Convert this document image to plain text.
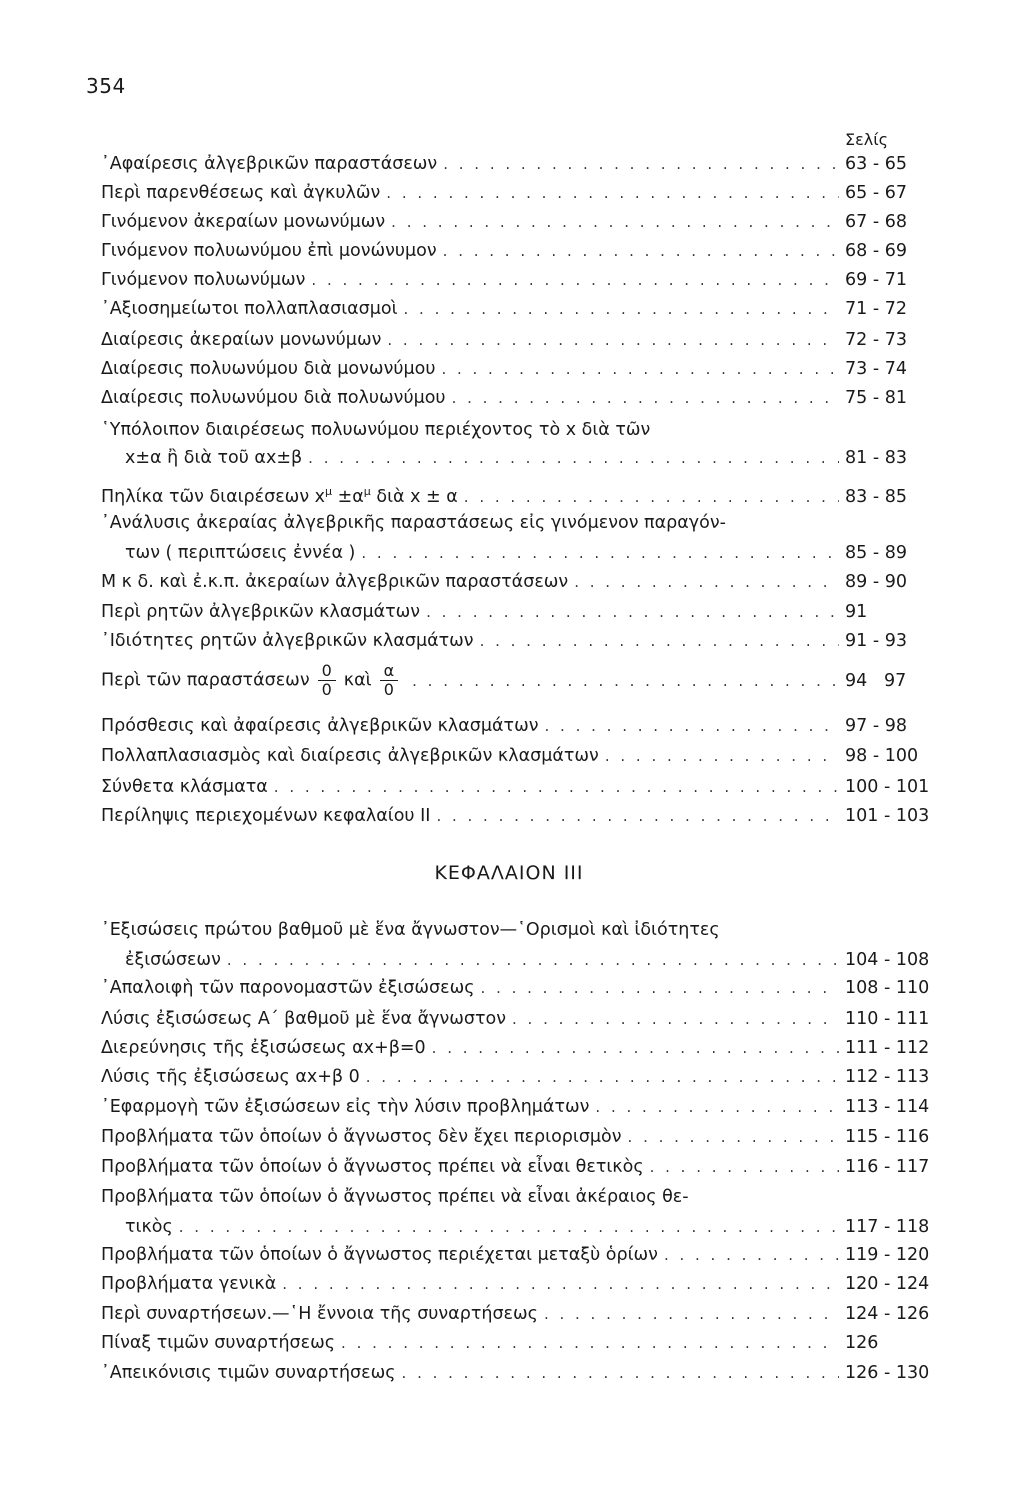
354
Σελίς
᾿Αφαίρεσις ἀλγεβρικῶν παραστάσεων . . .	63 - 65
Περὶ παρενθέσεως καὶ ἀγκυλῶν . . .	65 - 67
Γινόμενον ἀκεραίων μονωνύμων . . .	67 - 68
Γινόμενον πολυωνύμου ἐπὶ μονώνυμον . . .	68 - 69
Γινόμενον πολυωνύμων . . .	69 - 71
᾿Αξιοσημείωτοι πολλαπλασιασμοὶ . . .	71 - 72
Διαίρεσις ἀκεραίων μονωνύμων . . .	72 - 73
Διαίρεσις πολυωνύμου διὰ μονωνύμου . . .	73 - 74
Διαίρεσις πολυωνύμου διὰ πολυωνύμου . . .	75 - 81
῾Υπόλοιπον διαιρέσεως πολυωνύμου περιέχοντος τὸ x διὰ τῶν
x±α ἢ διὰ τοῦ αx±β . . .	81 - 83
Πηλίκα τῶν διαιρέσεων $x^\mu \pm\alpha^\mu$ διὰ x ± α . . .	83 - 85
᾿Ανάλυσις ἀκεραίας ἀλγεβρικῆς παραστάσεως εἰς γινόμενον παραγόν-
των ( περιπτώσεις ἐννέα ) . . .	85 - 89
Μ κ δ. καὶ ἐ.κ.π. ἀκεραίων ἀλγεβρικῶν παραστάσεων . . .	89 - 90
Περὶ ρητῶν ἀλγεβρικῶν κλασμάτων . . .	91
᾿Ιδιότητες ρητῶν ἀλγεβρικῶν κλασμάτων . . .	91 - 93
Περὶ τῶν παραστάσεων $\frac{0}{0}$ καὶ $\frac{\alpha}{0}$ . . .	94   97
Πρόσθεσις καὶ ἀφαίρεσις ἀλγεβρικῶν κλασμάτων . . .	97 - 98
Πολλαπλασιασμὸς καὶ διαίρεσις ἀλγεβρικῶν κλασμάτων . . .	98 - 100
Σύνθετα κλάσματα . . .	100 - 101
Περίληψις περιεχομένων κεφαλαίου ΙΙ . . .	101 - 103
ΚΕΦΑΛΑΙΟΝ ΙΙΙ
᾿Εξισώσεις πρώτου βαθμοῦ μὲ ἕνα ἄγνωστον—῾Ορισμοὶ καὶ ἰδιότητες
ἐξισώσεων . . .	104 - 108
᾿Απαλοιφὴ τῶν παρονομαστῶν ἐξισώσεως . . .	108 - 110
Λύσις ἐξισώσεως Α΄ βαθμοῦ μὲ ἕνα ἄγνωστον . . .	110 - 111
Διερεύνησις τῆς ἐξισώσεως αx+β=0 . . .	111 - 112
Λύσις τῆς ἐξισώσεως αx+β 0 . . .	112 - 113
᾿Εφαρμογὴ τῶν ἐξισώσεων εἰς τὴν λύσιν προβλημάτων . . .	113 - 114
Προβλήματα τῶν ὁποίων ὁ ἄγνωστος δὲν ἔχει περιορισμὸν . . .	115 - 116
Προβλήματα τῶν ὁποίων ὁ ἄγνωστος πρέπει νὰ εἶναι θετικὸς . . .	116 - 117
Προβλήματα τῶν ὁποίων ὁ ἄγνωστος πρέπει νὰ εἶναι ἀκέραιος θε-
τικὸς . . .	117 - 118
Προβλήματα τῶν ὁποίων ὁ ἄγνωστος περιέχεται μεταξὺ ὁρίων . . .	119 - 120
Προβλήματα γενικὰ . . .	120 - 124
Περὶ συναρτήσεων.—῾Η ἔννοια τῆς συναρτήσεως . . .	124 - 126
Πίναξ τιμῶν συναρτήσεως . . .	126
᾿Απεικόνισις τιμῶν συναρτήσεως . . .	126 - 130
